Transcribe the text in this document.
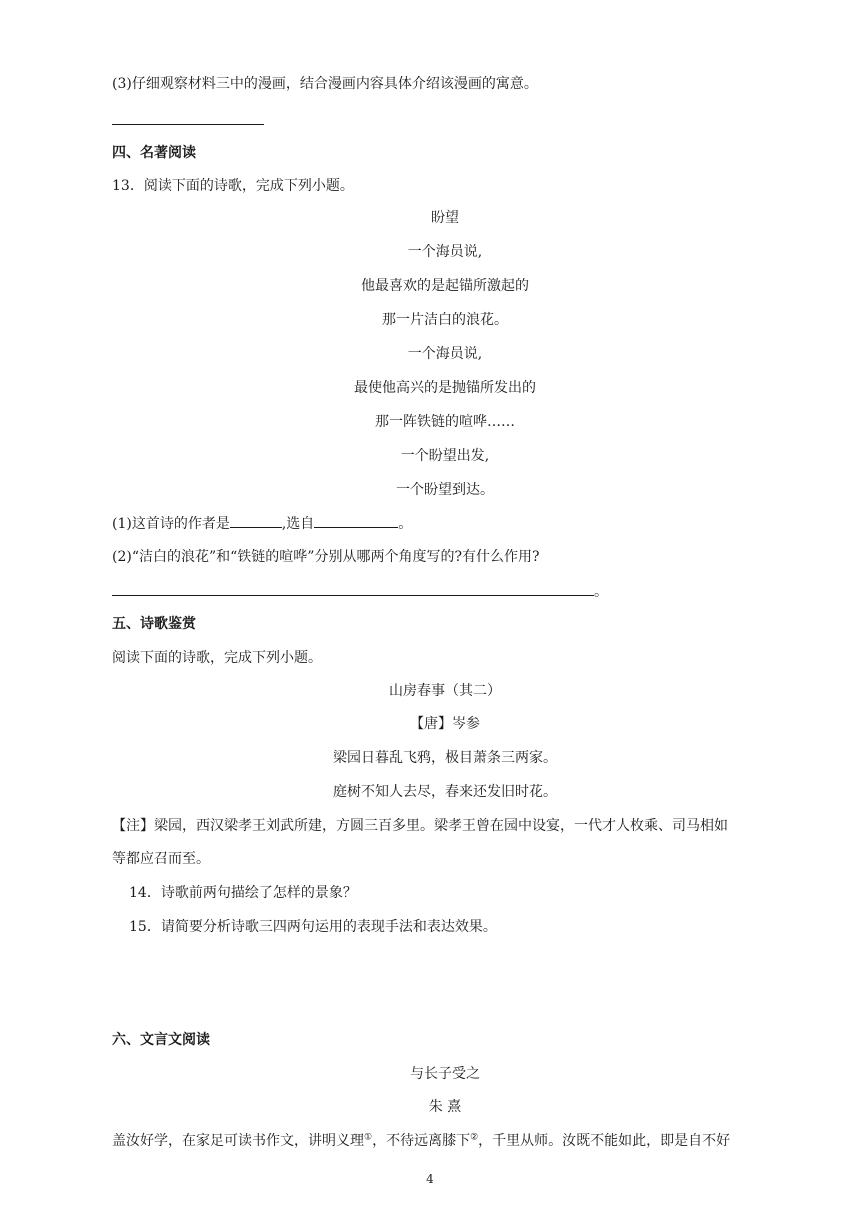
(3)仔细观察材料三中的漫画，结合漫画内容具体介绍该漫画的寓意。
四、名著阅读
13．阅读下面的诗歌，完成下列小题。
盼望
一个海员说,
他最喜欢的是起锚所激起的
那一片洁白的浪花。
一个海员说,
最使他高兴的是抛锚所发出的
那一阵铁链的喧哗……
一个盼望出发,
一个盼望到达。
(1)这首诗的作者是	,选自	。
(2)“洁白的浪花”和“铁链的喧哗”分别从哪两个角度写的?有什么作用?
。
五、诗歌鉴赏
阅读下面的诗歌，完成下列小题。
山房春事（其二）
【唐】岑参
梁园日暮乱飞鸦，极目萧条三两家。
庭树不知人去尽，春来还发旧时花。
【注】梁园，西汉梁孝王刘武所建，方圆三百多里。梁孝王曾在园中设宴，一代才人枚乘、司马相如
等都应召而至。
14．诗歌前两句描绘了怎样的景象？
15．请简要分析诗歌三四两句运用的表现手法和表达效果。
六、文言文阅读
与长子受之
朱 熹
盖汝好学，在家足可读书作文，讲明义理①，不待远离膝下②，千里从师。汝既不能如此，即是自不好
4
